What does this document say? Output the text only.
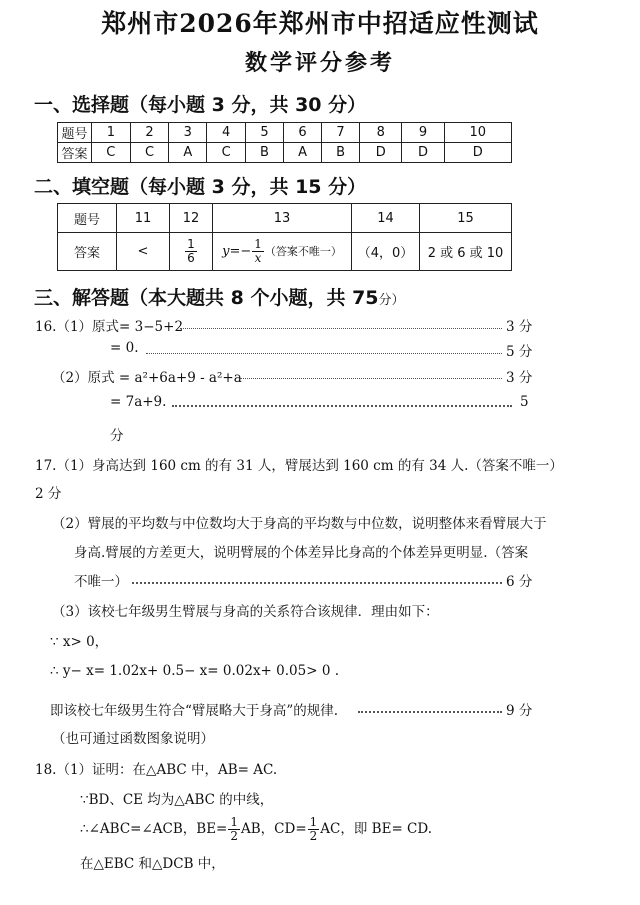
郑州市2026年郑州市中招适应性测试
数学评分参考
一、选择题（每小题 3 分，共 30 分）
题号	1	2	3	4	5	6	7	8	9	10
答案	C	C	A	C	B	A	B	D	D	D
二、填空题（每小题 3 分，共 15 分）
题号	11	12	13	14	15
答案	<	$\frac{1}{6}$	$y=- \frac{1}{x}$（答案不唯一）	（4，0）	2 或 6 或 10
三、解答题（本大题共 8 个小题，共 75分）
16.（1）原式= 3−5+2	3 分
= 0.	5 分
（2）原式 = a²+6a+9 - a²+a	3 分
= 7a+9.	5
分
17.（1）身高达到 160 cm 的有 31 人，臂展达到 160 cm 的有 34 人.（答案不唯一）
2 分
（2）臂展的平均数与中位数均大于身高的平均数与中位数，说明整体来看臂展大于
身高.臂展的方差更大，说明臂展的个体差异比身高的个体差异更明显.（答案
不唯一）	6 分
（3）该校七年级男生臂展与身高的关系符合该规律．理由如下：
∵ x> 0，
∴ y− x= 1.02x+ 0.5− x= 0.02x+ 0.05> 0 .
即该校七年级男生符合“臂展略大于身高”的规律.	9 分
（也可通过函数图象说明）
18.（1）证明：在△ABC 中，AB= AC.
∵BD、CE 均为△ABC 的中线，
∴∠ABC=∠ACB，$BE= \frac{1}{2}$ AB，$CD= \frac{1}{2}$ AC，即 BE= CD.
在△EBC 和△DCB 中，
